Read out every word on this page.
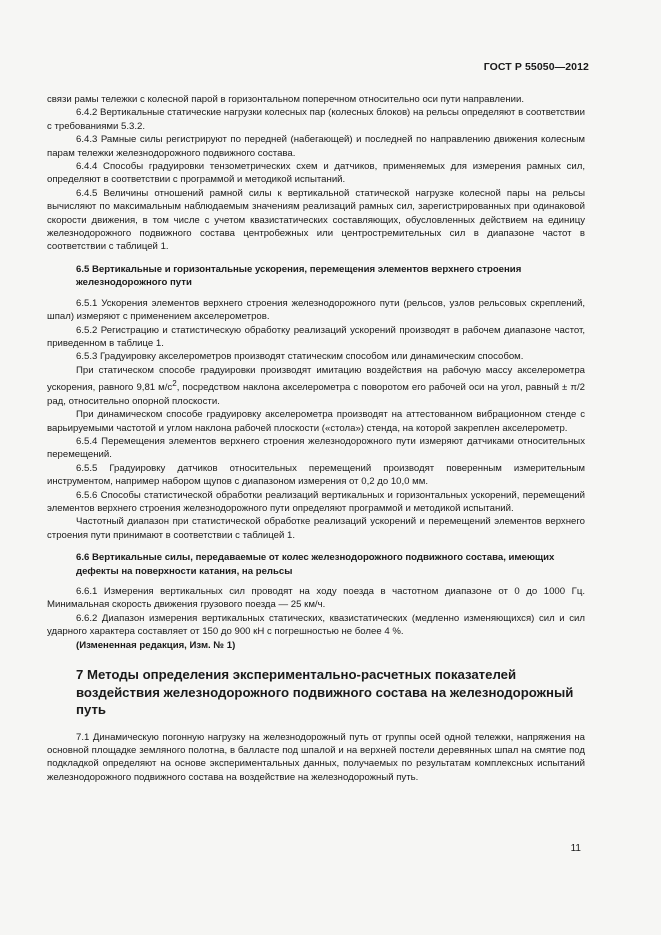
ГОСТ Р 55050—2012

связи рамы тележки с колесной парой в горизонтальном поперечном относительно оси пути направлении.

6.4.2 Вертикальные статические нагрузки колесных пар (колесных блоков) на рельсы определяют в соответствии с требованиями 5.3.2.

6.4.3 Рамные силы регистрируют по передней (набегающей) и последней по направлению движения колесным парам тележки железнодорожного подвижного состава.

6.4.4 Способы градуировки тензометрических схем и датчиков, применяемых для измерения рамных сил, определяют в соответствии с программой и методикой испытаний.

6.4.5 Величины отношений рамной силы к вертикальной статической нагрузке колесной пары на рельсы вычисляют по максимальным наблюдаемым значениям реализаций рамных сил, зарегистрированных при одинаковой скорости движения, в том числе с учетом квазистатических составляющих, обусловленных действием на единицу железнодорожного подвижного состава центробежных или центростремительных сил в диапазоне частот в соответствии с таблицей 1.

6.5 Вертикальные и горизонтальные ускорения, перемещения элементов верхнего строения железнодорожного пути

6.5.1 Ускорения элементов верхнего строения железнодорожного пути (рельсов, узлов рельсовых скреплений, шпал) измеряют с применением акселерометров.

6.5.2 Регистрацию и статистическую обработку реализаций ускорений производят в рабочем диапазоне частот, приведенном в таблице 1.

6.5.3 Градуировку акселерометров производят статическим способом или динамическим способом.

При статическом способе градуировки производят имитацию воздействия на рабочую массу акселерометра ускорения, равного 9,81 $м/с^2$, посредством наклона акселерометра с поворотом его рабочей оси на угол, равный ± π/2 рад, относительно опорной плоскости.

При динамическом способе градуировку акселерометра производят на аттестованном вибрационном стенде с варьируемыми частотой и углом наклона рабочей плоскости («стола») стенда, на которой закреплен акселерометр.

6.5.4 Перемещения элементов верхнего строения железнодорожного пути измеряют датчиками относительных перемещений.

6.5.5 Градуировку датчиков относительных перемещений производят поверенным измерительным инструментом, например набором щупов с диапазоном измерения от 0,2 до 10,0 мм.

6.5.6 Способы статистической обработки реализаций вертикальных и горизонтальных ускорений, перемещений элементов верхнего строения железнодорожного пути определяют программой и методикой испытаний.

Частотный диапазон при статистической обработке реализаций ускорений и перемещений элементов верхнего строения пути принимают в соответствии с таблицей 1.

6.6 Вертикальные силы, передаваемые от колес железнодорожного подвижного состава, имеющих дефекты на поверхности катания, на рельсы

6.6.1 Измерения вертикальных сил проводят на ходу поезда в частотном диапазоне от 0 до 1000 Гц. Минимальная скорость движения грузового поезда — 25 км/ч.

6.6.2 Диапазон измерения вертикальных статических, квазистатических (медленно изменяющихся) сил и сил ударного характера составляет от 150 до 900 кН с погрешностью не более 4 %.

(Измененная редакция, Изм. № 1)

7 Методы определения экспериментально-расчетных показателей воздействия железнодорожного подвижного состава на железнодорожный путь

7.1 Динамическую погонную нагрузку на железнодорожный путь от группы осей одной тележки, напряжения на основной площадке земляного полотна, в балласте под шпалой и на верхней постели деревянных шпал на смятие под подкладкой определяют на основе экспериментальных данных, получаемых по результатам комплексных испытаний железнодорожного подвижного состава на воздействие на железнодорожный путь.

11
